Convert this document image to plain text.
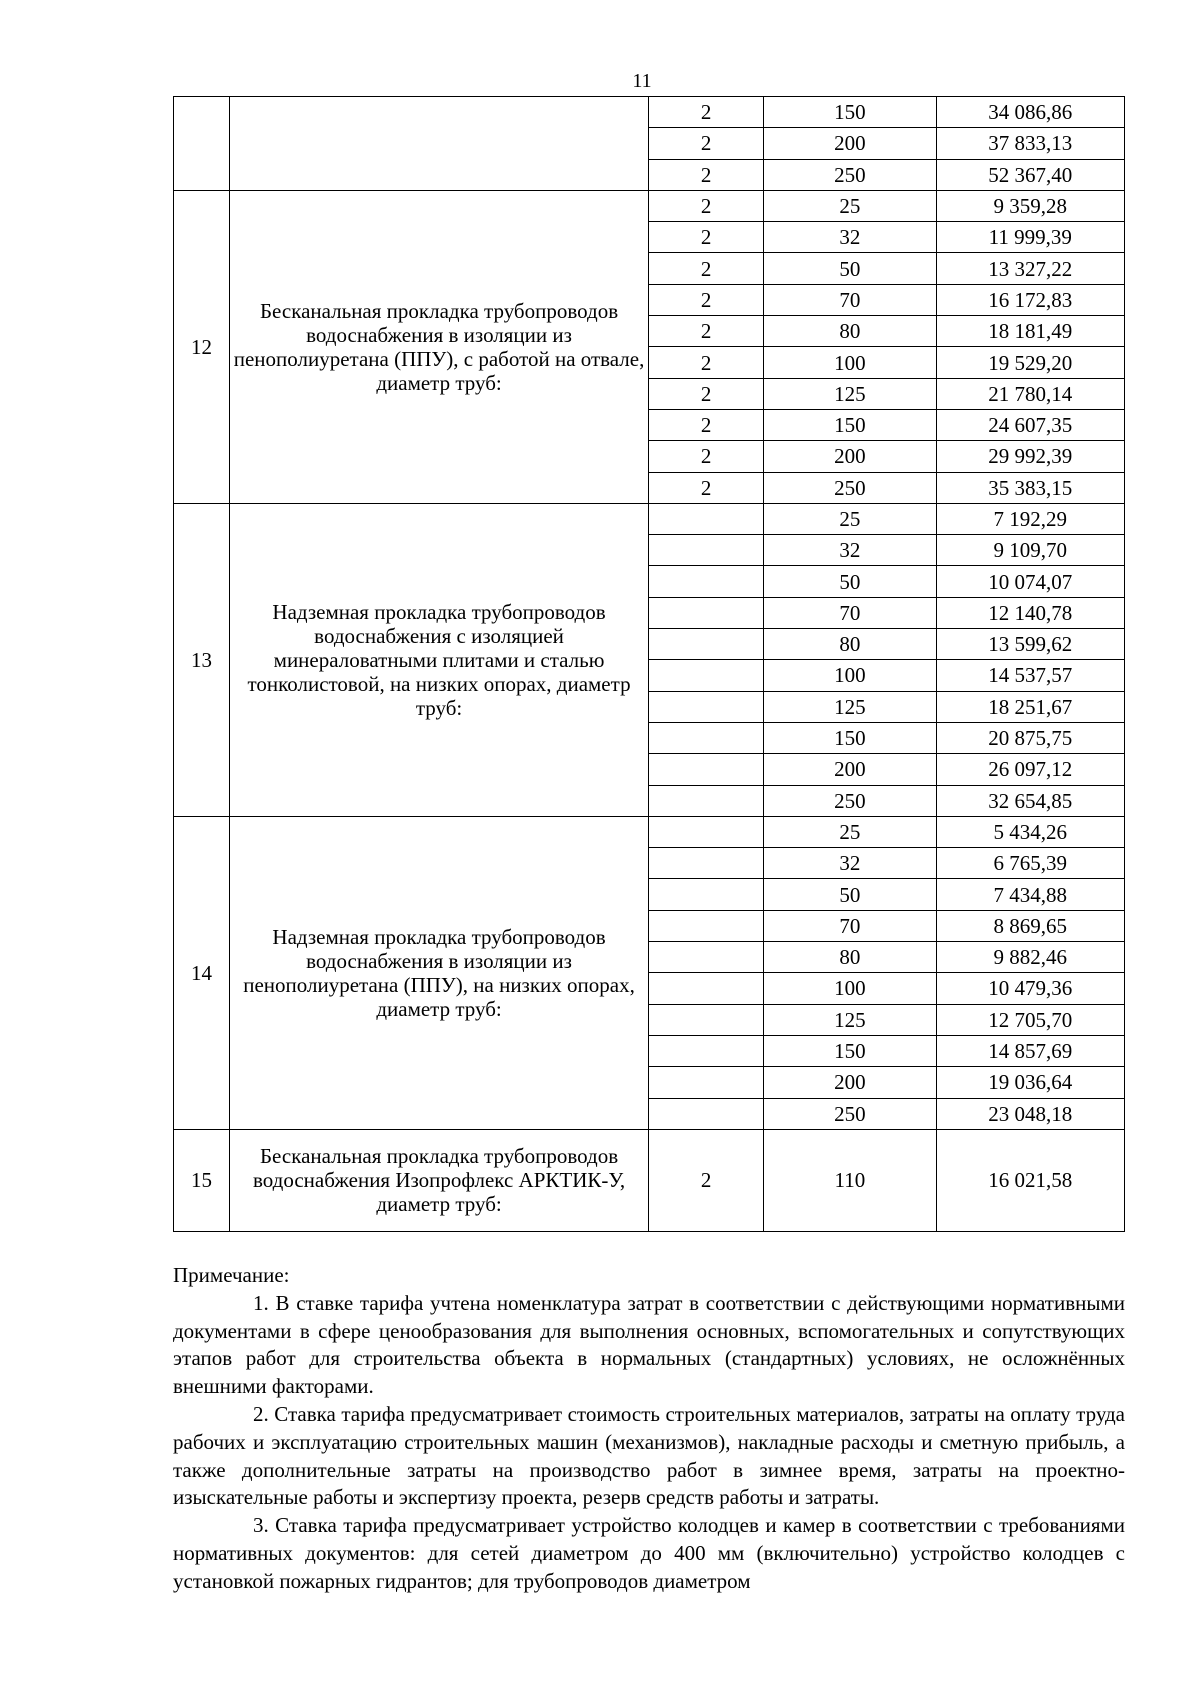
11
		2	150	34 086,86
		2	200	37 833,13
		2	250	52 367,40
12	Бесканальная прокладка трубопроводов водоснабжения в изоляции из пенополиуретана (ППУ), с работой на отвале, диаметр труб:	2	25	9 359,28
		2	32	11 999,39
		2	50	13 327,22
		2	70	16 172,83
		2	80	18 181,49
		2	100	19 529,20
		2	125	21 780,14
		2	150	24 607,35
		2	200	29 992,39
		2	250	35 383,15
13	Надземная прокладка трубопроводов водоснабжения с изоляцией минераловатными плитами и сталью тонколистовой, на низких опорах, диаметр труб:		25	7 192,29
			32	9 109,70
			50	10 074,07
			70	12 140,78
			80	13 599,62
			100	14 537,57
			125	18 251,67
			150	20 875,75
			200	26 097,12
			250	32 654,85
14	Надземная прокладка трубопроводов водоснабжения в изоляции из пенополиуретана (ППУ), на низких опорах, диаметр труб:		25	5 434,26
			32	6 765,39
			50	7 434,88
			70	8 869,65
			80	9 882,46
			100	10 479,36
			125	12 705,70
			150	14 857,69
			200	19 036,64
			250	23 048,18
15	Бесканальная прокладка трубопроводов водоснабжения Изопрофлекс АРКТИК-У, диаметр труб:	2	110	16 021,58

Примечание:

1. В ставке тарифа учтена номенклатура затрат в соответствии с действующими нормативными документами в сфере ценообразования для выполнения основных, вспомогательных и сопутствующих этапов работ для строительства объекта в нормальных (стандартных) условиях, не осложнённых внешними факторами.

2. Ставка тарифа предусматривает стоимость строительных материалов, затраты на оплату труда рабочих и эксплуатацию строительных машин (механизмов), накладные расходы и сметную прибыль, а также дополнительные затраты на производство работ в зимнее время, затраты на проектно-изыскательные работы и экспертизу проекта, резерв средств работы и затраты.

3. Ставка тарифа предусматривает устройство колодцев и камер в соответствии с требованиями нормативных документов: для сетей диаметром до 400 мм (включительно) устройство колодцев с установкой пожарных гидрантов; для трубопроводов диаметром
